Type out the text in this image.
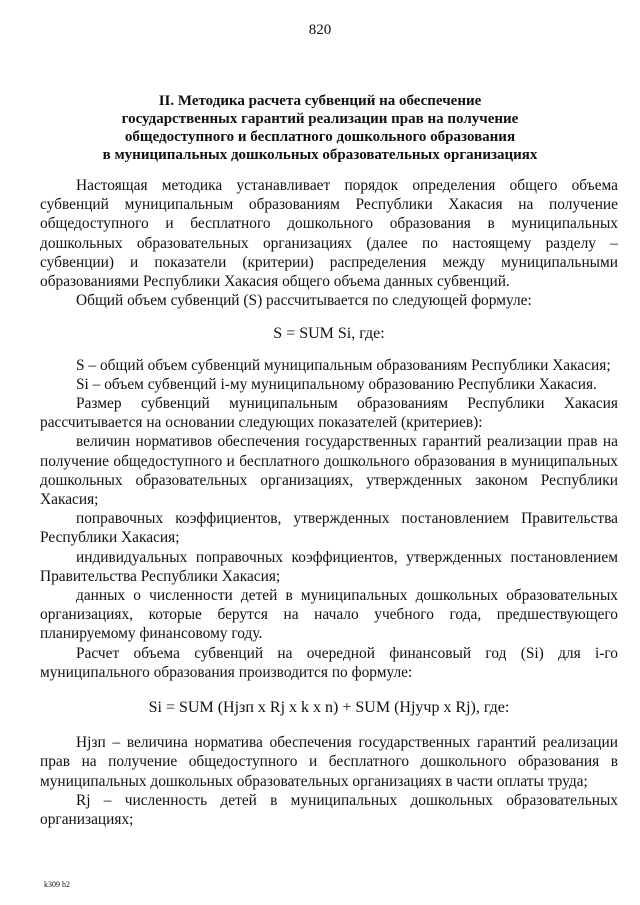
820
II. Методика расчета субвенций на обеспечение
государственных гарантий реализации прав на получение
общедоступного и бесплатного дошкольного образования
в муниципальных дошкольных образовательных организациях

Настоящая методика устанавливает порядок определения общего объема субвенций муниципальным образованиям Республики Хакасия на получение общедоступного и бесплатного дошкольного образования в муниципальных дошкольных образовательных организациях (далее по настоящему разделу – субвенции) и показатели (критерии) распределения между муниципальными образованиями Республики Хакасия общего объема данных субвенций.

Общий объем субвенций (S) рассчитывается по следующей формуле:

S = SUM Si, где:

S – общий объем субвенций муниципальным образованиям Республики Хакасия;

Si – объем субвенций i-му муниципальному образованию Республики Хакасия.

Размер субвенций муниципальным образованиям Республики Хакасия рассчитывается на основании следующих показателей (критериев):

величин нормативов обеспечения государственных гарантий реализации прав на получение общедоступного и бесплатного дошкольного образования в муниципальных дошкольных образовательных организациях, утвержденных законом Республики Хакасия;

поправочных коэффициентов, утвержденных постановлением Правительства Республики Хакасия;

индивидуальных поправочных коэффициентов, утвержденных постановлением Правительства Республики Хакасия;

данных о численности детей в муниципальных дошкольных образовательных организациях, которые берутся на начало учебного года, предшествующего планируемому финансовому году.

Расчет объема субвенций на очередной финансовый год (Si) для i-го муниципального образования производится по формуле:

Si = SUM (Hjзп x Rj x k x n) + SUM (Hjучр x Rj), где:

Hjзп – величина норматива обеспечения государственных гарантий реализации прав на получение общедоступного и бесплатного дошкольного образования в муниципальных дошкольных образовательных организациях в части оплаты труда;

Rj – численность детей в муниципальных дошкольных образовательных организациях;

k309 h2
